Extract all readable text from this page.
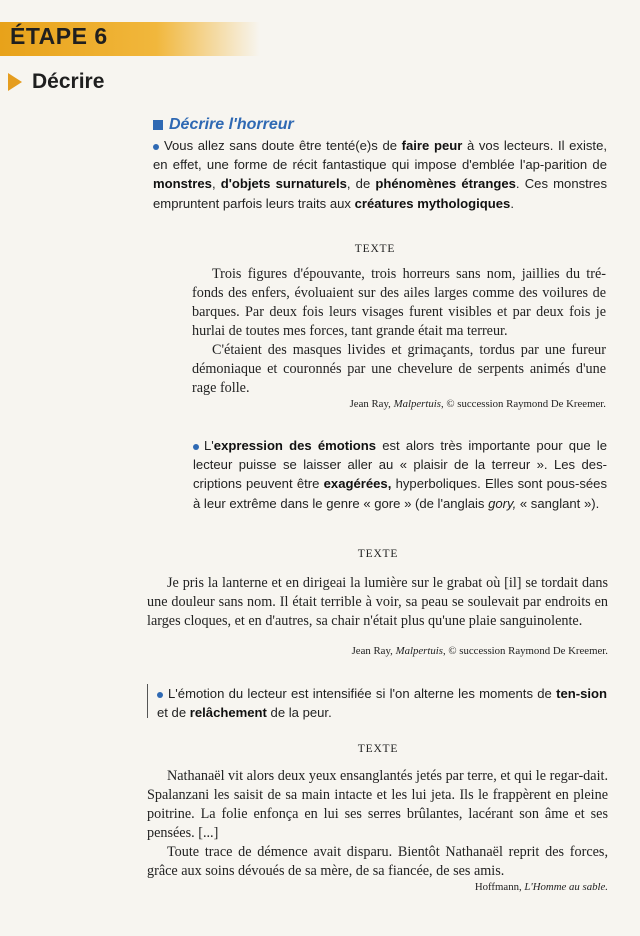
ÉTAPE 6
Décrire
Décrire l'horreur
Vous allez sans doute être tenté(e)s de faire peur à vos lecteurs. Il existe, en effet, une forme de récit fantastique qui impose d'emblée l'ap-parition de monstres, d'objets surnaturels, de phénomènes étranges. Ces monstres empruntent parfois leurs traits aux créatures mythologiques.
TEXTE

Trois figures d'épouvante, trois horreurs sans nom, jaillies du tré-fonds des enfers, évoluaient sur des ailes larges comme des voilures de barques. Par deux fois leurs visages furent visibles et par deux fois je hurlai de toutes mes forces, tant grande était ma terreur.

C'étaient des masques livides et grimaçants, tordus par une fureur démoniaque et couronnés par une chevelure de serpents animés d'une rage folle.

Jean Ray, Malpertuis, © succession Raymond De Kreemer.
L'expression des émotions est alors très importante pour que le lecteur puisse se laisser aller au « plaisir de la terreur ». Les des-criptions peuvent être exagérées, hyperboliques. Elles sont pous-sées à leur extrême dans le genre « gore » (de l'anglais gory, « sanglant »).
TEXTE

Je pris la lanterne et en dirigeai la lumière sur le grabat où [il] se tordait dans une douleur sans nom. Il était terrible à voir, sa peau se soulevait par endroits en larges cloques, et en d'autres, sa chair n'était plus qu'une plaie sanguinolente.

Jean Ray, Malpertuis, © succession Raymond De Kreemer.
L'émotion du lecteur est intensifiée si l'on alterne les moments de ten-sion et de relâchement de la peur.
TEXTE

Nathanaël vit alors deux yeux ensanglantés jetés par terre, et qui le regar-dait. Spalanzani les saisit de sa main intacte et les lui jeta. Ils le frappèrent en pleine poitrine. La folie enfonça en lui ses serres brûlantes, lacérant son âme et ses pensées. [...]

Toute trace de démence avait disparu. Bientôt Nathanaël reprit des forces, grâce aux soins dévoués de sa mère, de sa fiancée, de ses amis.

Hoffmann, L'Homme au sable.
